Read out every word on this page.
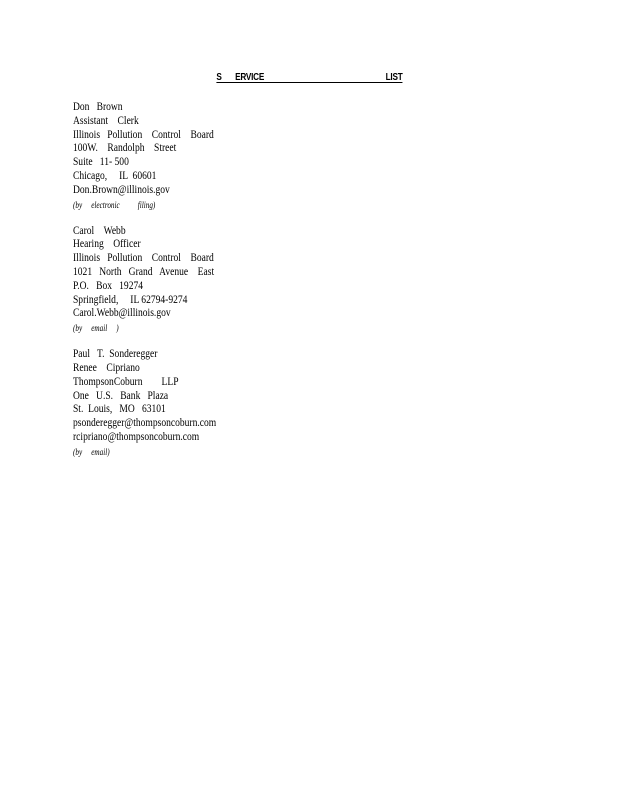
S ERVICE         LIST
Don   Brown
Assistant    Clerk
Illinois   Pollution    Control    Board
100W.    Randolph    Street
Suite   11- 500
Chicago,     IL  60601
Don.Brown@illinois.gov
(by     electronic          filing)
Carol    Webb
Hearing    Officer
Illinois   Pollution    Control    Board
1021   North   Grand   Avenue    East
P.O.   Box   19274
Springfield,     IL 62794-9274
Carol.Webb@illinois.gov
(by     email     )
Paul   T.  Sonderegger
Renee    Cipriano
ThompsonCoburn        LLP
One   U.S.   Bank   Plaza
St.  Louis,   MO   63101
psonderegger@thompsoncoburn.com
rcipriano@thompsoncoburn.com
(by     email)
